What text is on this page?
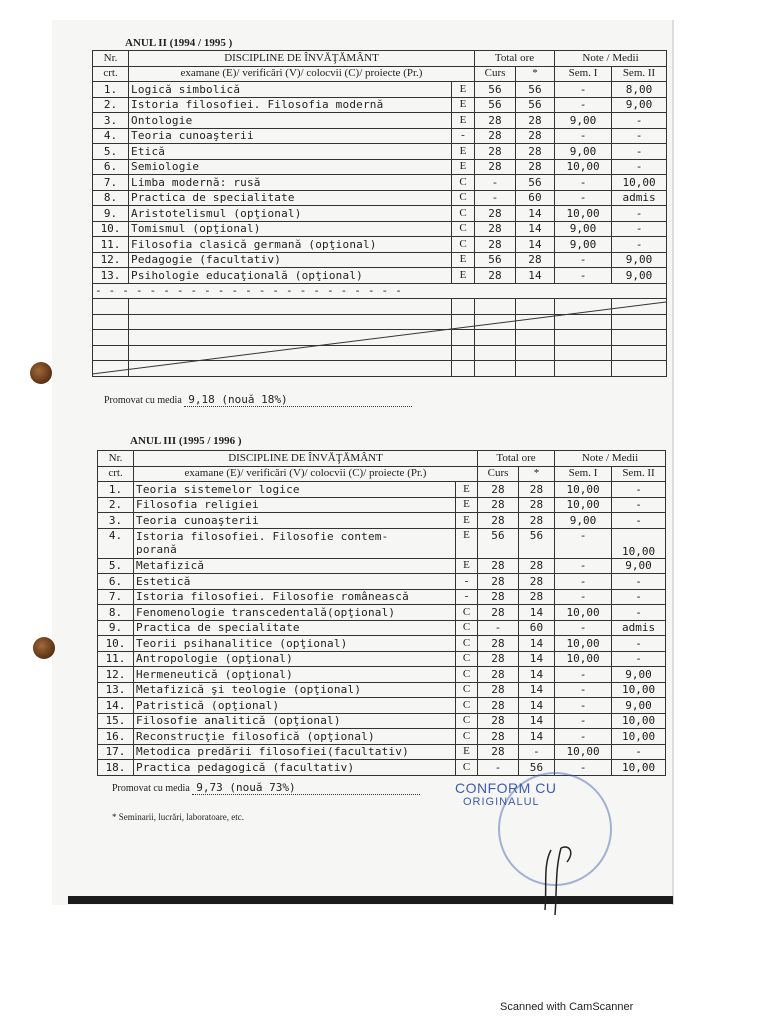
ANUL II (1994 / 1995 )
Nr.	DISCIPLINE DE ÎNVĂŢĂMÂNT		Total ore		Note / Medii	
crt.	examane (E)/ verificări (V)/ colocvii (C)/ proiecte (Pr.)		Curs	*	Sem. I	Sem. II
1.	Logică simbolică	E	56	56	-	8,00
2.	Istoria filosofiei. Filosofia modernă	E	56	56	-	9,00
3.	Ontologie	E	28	28	9,00	-
4.	Teoria cunoaşterii	-	28	28	-	-
5.	Etică	E	28	28	9,00	-
6.	Semiologie	E	28	28	10,00	-
7.	Limba modernă: rusă	C	-	56	-	10,00
8.	Practica de specialitate	C	-	60	-	admis
9.	Aristotelismul (opţional)	C	28	14	10,00	-
10.	Tomismul (opţional)	C	28	14	9,00	-
11.	Filosofia clasică germană (opţional)	C	28	14	9,00	-
12.	Pedagogie (facultativ)	E	56	28	-	9,00
13.	Psihologie educaţională (opţional)	E	28	14	-	9,00
- - - - - - - - - - - - - - - - - - - - - - -						

Promovat cu media 9,18 (nouă 18%)
ANUL III (1995 / 1996 )
Nr.	DISCIPLINE DE ÎNVĂŢĂMÂNT		Total ore		Note / Medii	
crt.	examane (E)/ verificări (V)/ colocvii (C)/ proiecte (Pr.)		Curs	*	Sem. I	Sem. II
1.	Teoria sistemelor logice	E	28	28	10,00	-
2.	Filosofia religiei	E	28	28	10,00	-
3.	Teoria cunoaşterii	E	28	28	9,00	-
4.	Istoria filosofiei. Filosofie contem-
porană	E	56	56	-	10,00
5.	Metafizică	E	28	28	-	9,00
6.	Estetică	-	28	28	-	-
7.	Istoria filosofiei. Filosofie românească	-	28	28	-	-
8.	Fenomenologie transcedentală(opţional)	C	28	14	10,00	-
9.	Practica de specialitate	C	-	60	-	admis
10.	Teorii psihanalitice (opţional)	C	28	14	10,00	-
11.	Antropologie (opţional)	C	28	14	10,00	-
12.	Hermeneutică (opţional)	C	28	14	-	9,00
13.	Metafizică şi teologie (opţional)	C	28	14	-	10,00
14.	Patristică (opţional)	C	28	14	-	9,00
15.	Filosofie analitică (opţional)	C	28	14	-	10,00
16.	Reconstrucţie filosofică (opţional)	C	28	14	-	10,00
17.	Metodica predării filosofiei(facultativ)	E	28	-	10,00	-
18.	Practica pedagogică (facultativ)	C	-	56	-	10,00
Promovat cu media 9,73 (nouă 73%)
* Seminarii, lucrări, laboratoare, etc.
CONFORM CU
ORIGINALUL
Scanned with CamScanner
